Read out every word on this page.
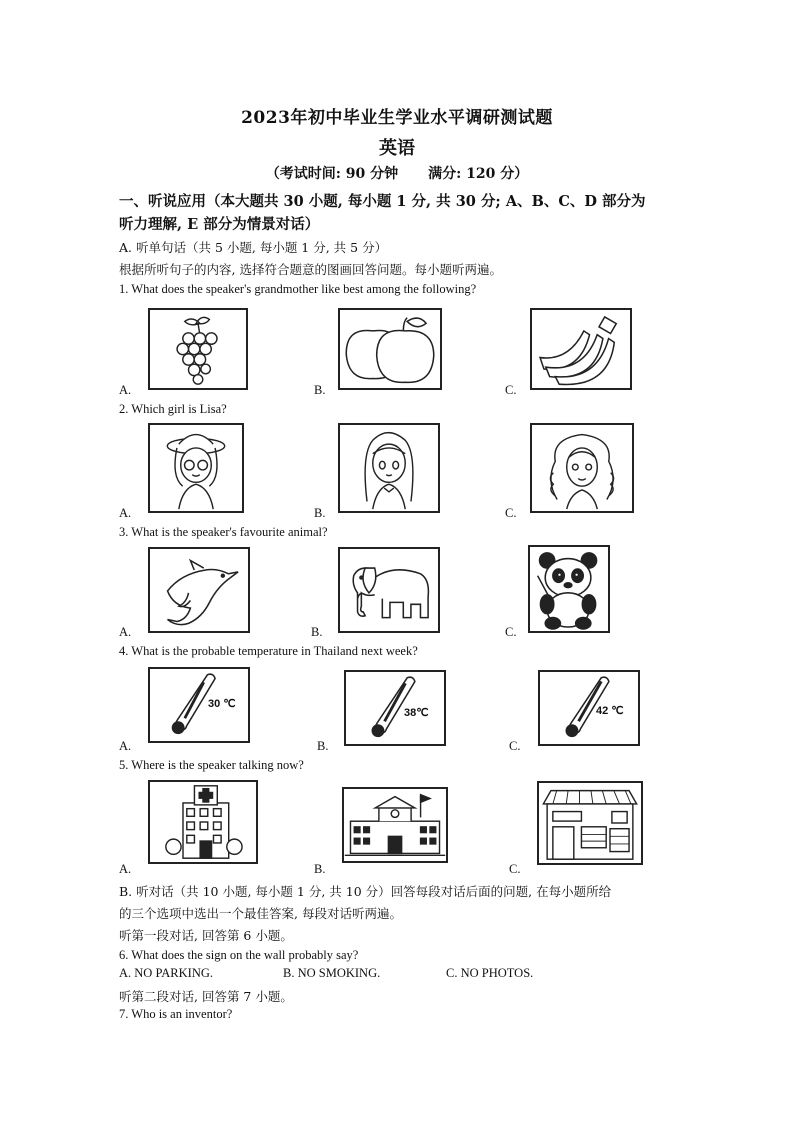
2023年初中毕业生学业水平调研测试题
英语
（考试时间: 90 分钟 满分: 120 分）
一、听说应用（本大题共 30 小题, 每小题 1 分, 共 30 分; A、B、C、D 部分为
听力理解, E 部分为情景对话）
A. 听单句话（共 5 小题, 每小题 1 分, 共 5 分）
根据所听句子的内容, 选择符合题意的图画回答问题。每小题听两遍。
1. What does the speaker's grandmother like best among the following?
A.	B.	C.
2. Which girl is Lisa?
A.	B.	C.
3. What is the speaker's favourite animal?
A.	B.	C.
4. What is the probable temperature in Thailand next week?
30 ℃
38℃	42 ℃
A.	B.	C.
5. Where is the speaker talking now?
A.	B.	C.
B. 听对话（共 10 小题, 每小题 1 分, 共 10 分）回答每段对话后面的问题, 在每小题所给
的三个选项中选出一个最佳答案, 每段对话听两遍。
听第一段对话, 回答第 6 小题。
6. What does the sign on the wall probably say?
A. NO PARKING.	B. NO SMOKING.	C. NO PHOTOS.
听第二段对话, 回答第 7 小题。
7. Who is an inventor?
